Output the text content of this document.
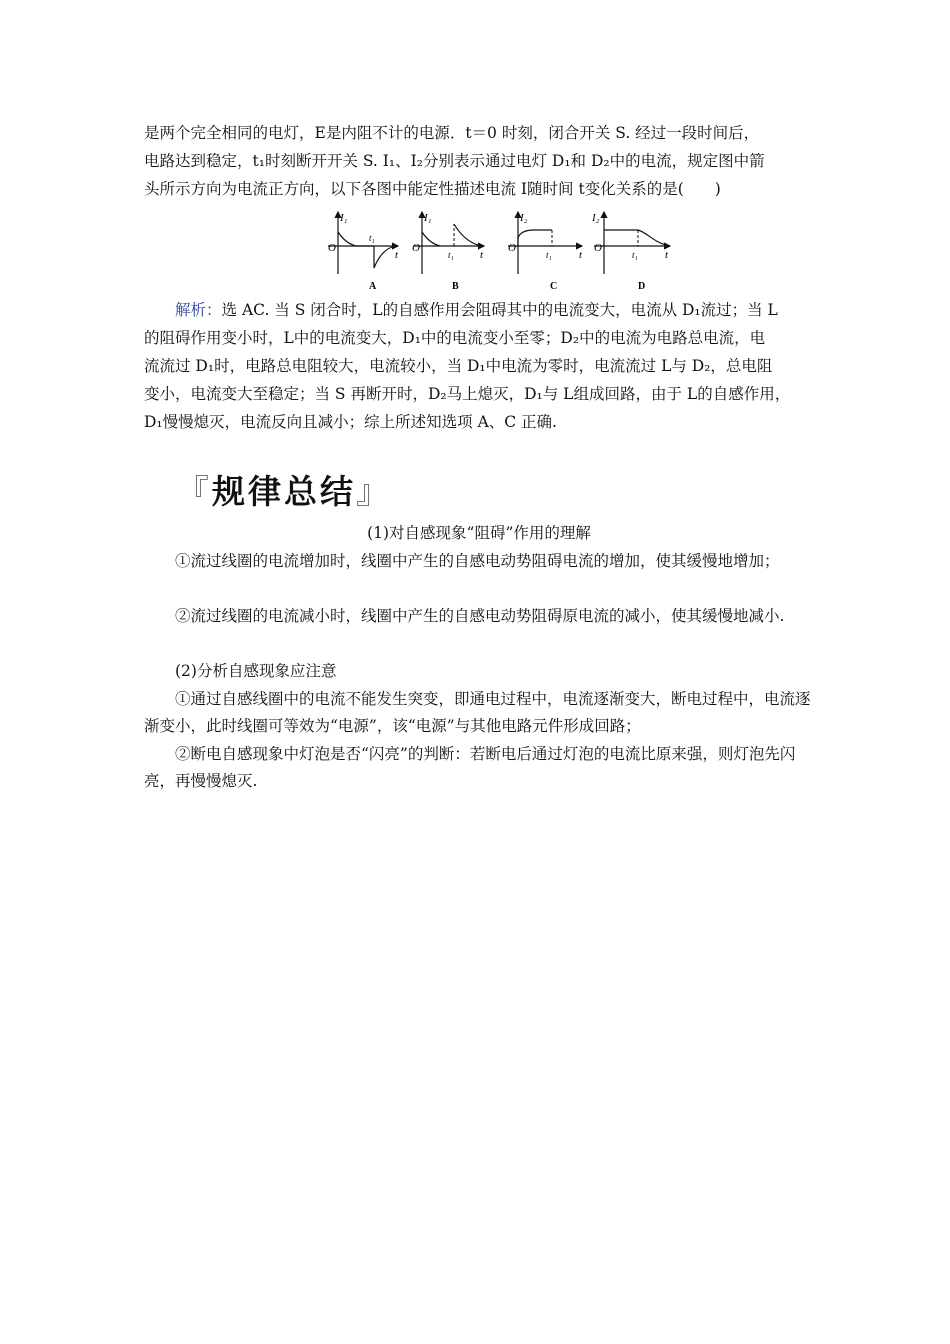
是两个完全相同的电灯，E是内阻不计的电源．t＝0 时刻，闭合开关 S. 经过一段时间后，

电路达到稳定，t₁时刻断开开关 S. I₁、I₂分别表示通过电灯 D₁和 D₂中的电流，规定图中箭

头所示方向为电流正方向，以下各图中能定性描述电流 I随时间 t变化关系的是(　　)

I₁
O
t₁
t
A
I₁
O
t₁ t
B
I₂
O
t₁ t
C
I₂
O
t₁ t
D

解析：选 AC. 当 S 闭合时，L的自感作用会阻碍其中的电流变大，电流从 D₁流过；当 L

的阻碍作用变小时，L中的电流变大，D₁中的电流变小至零；D₂中的电流为电路总电流，电

流流过 D₁时，电路总电阻较大，电流较小，当 D₁中电流为零时，电流流过 L与 D₂，总电阻

变小，电流变大至稳定；当 S 再断开时，D₂马上熄灭，D₁与 L组成回路，由于 L的自感作用，

D₁慢慢熄灭，电流反向且减小；综上所述知选项 A、C 正确.

『规律总结』
(1)对自感现象“阻碍”作用的理解

①流过线圈的电流增加时，线圈中产生的自感电动势阻碍电流的增加，使其缓慢地增加；

②流过线圈的电流减小时，线圈中产生的自感电动势阻碍原电流的减小，使其缓慢地减小.

(2)分析自感现象应注意

①通过自感线圈中的电流不能发生突变，即通电过程中，电流逐渐变大，断电过程中，电流逐渐变小，此时线圈可等效为“电源”，该“电源”与其他电路元件形成回路；

②断电自感现象中灯泡是否“闪亮”的判断：若断电后通过灯泡的电流比原来强，则灯泡先闪亮，再慢慢熄灭.
